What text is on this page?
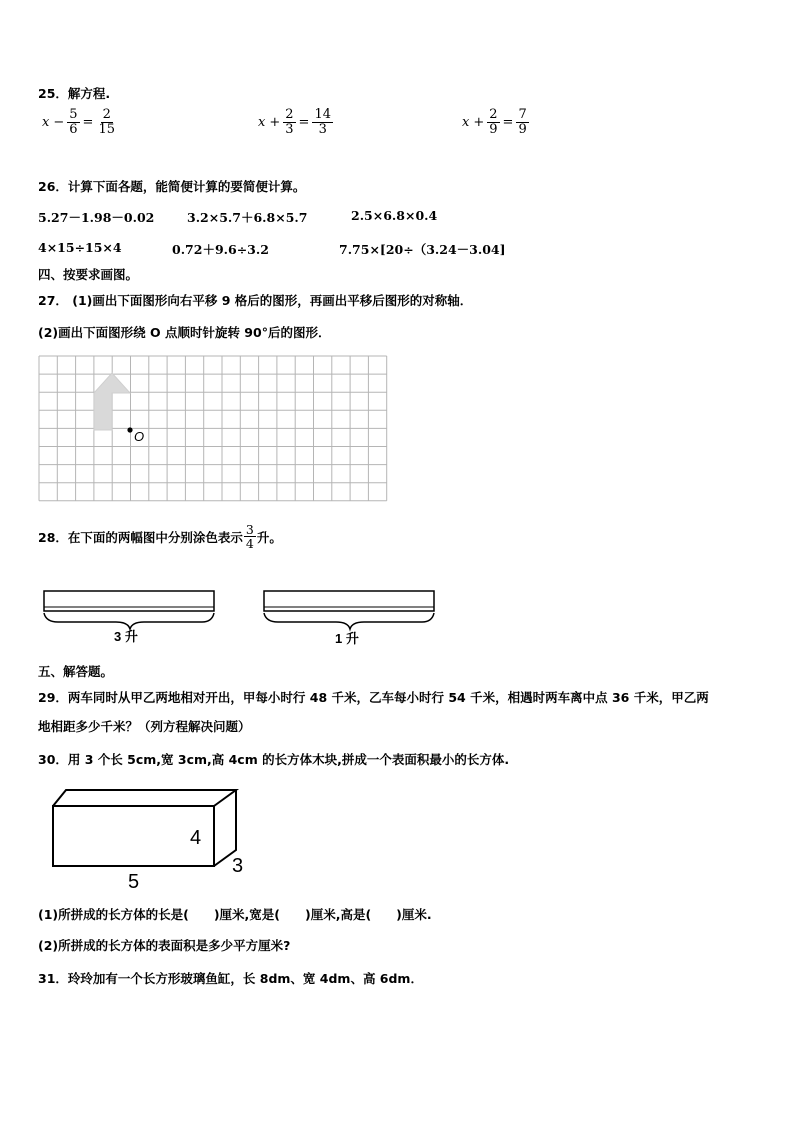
25．解方程.
$x - \frac{5}{6} = \frac{2}{15}$	$x + \frac{2}{3} = \frac{14}{3}$	$x + \frac{2}{9} = \frac{7}{9}$
26．计算下面各题，能简便计算的要简便计算。
5.27－1.98－0.02	3.2×5.7＋6.8×5.7	2.5×6.8×0.4
4×15÷15×4	0.72＋9.6÷3.2	7.75×[20÷（3.24－3.04]
四、按要求画图。
27． (1)画出下面图形向右平移 9 格后的图形，再画出平移后图形的对称轴．
(2)画出下面图形绕 O 点顺时针旋转 90°后的图形．
O
28．在下面的两幅图中分别涂色表示 $\frac{3}{4}$ 升。
3 升	1 升
五、解答题。
29．两车同时从甲乙两地相对开出，甲每小时行 48 千米，乙车每小时行 54 千米，相遇时两车离中点 36 千米，甲乙两
地相距多少千米？（列方程解决问题）
30．用 3 个长 5cm,宽 3cm,高 4cm 的长方体木块,拼成一个表面积最小的长方体.
4
3
5
(1)所拼成的长方体的长是(　　)厘米,宽是(　　)厘米,高是(　　)厘米.
(2)所拼成的长方体的表面积是多少平方厘米?
31．玲玲加有一个长方形玻璃鱼缸，长 8dm、宽 4dm、高 6dm．
